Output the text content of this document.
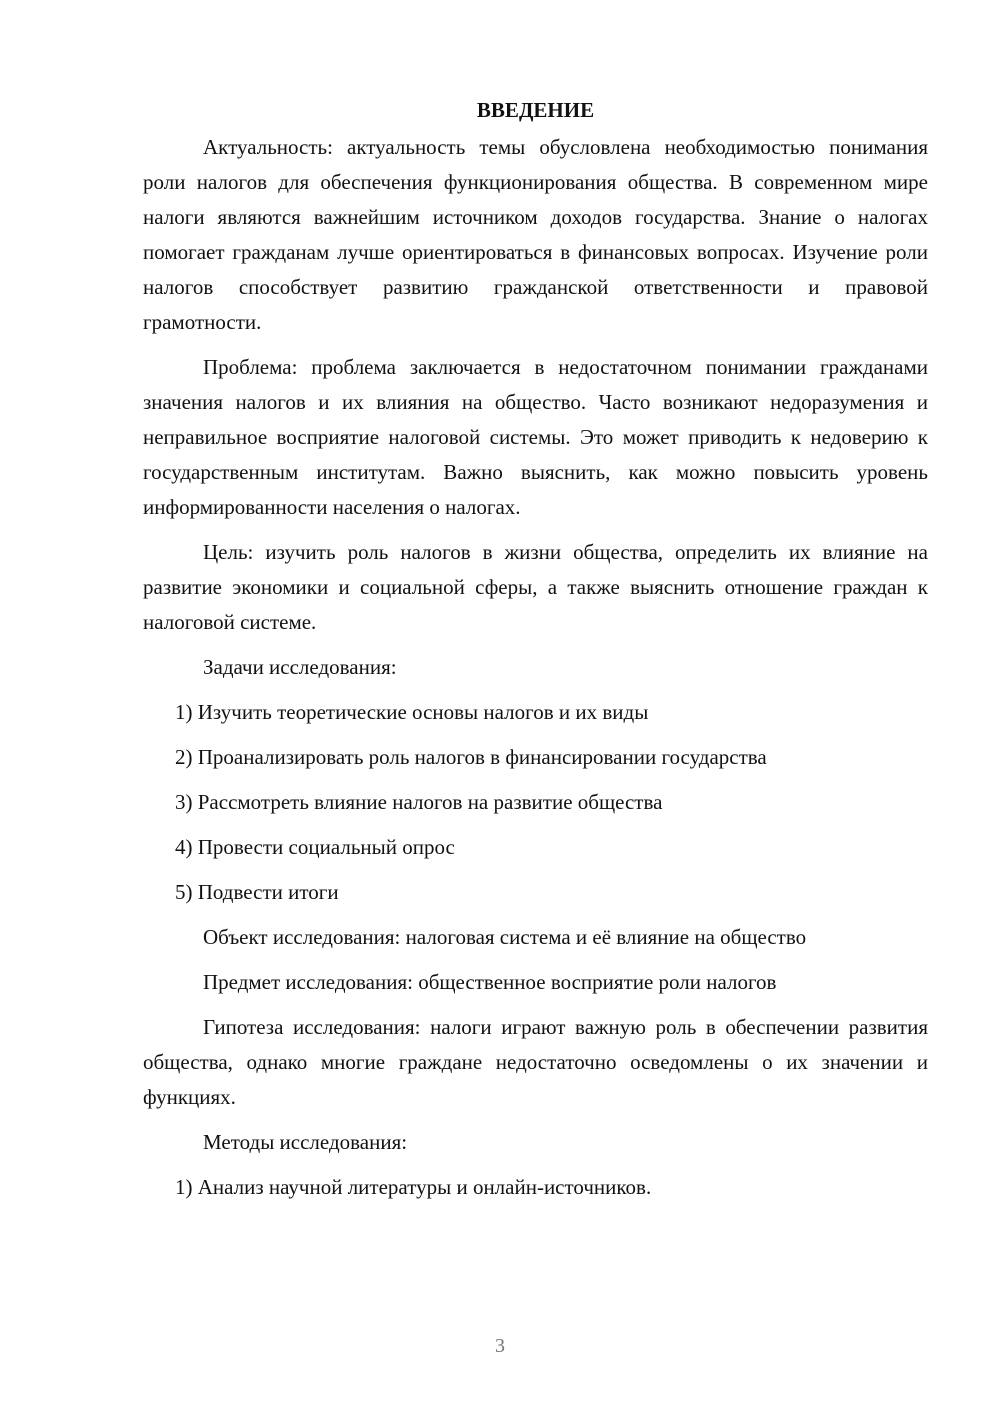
ВВЕДЕНИЕ

Актуальность: актуальность темы обусловлена необходимостью понимания роли налогов для обеспечения функционирования общества. В современном мире налоги являются важнейшим источником доходов государства. Знание о налогах помогает гражданам лучше ориентироваться в финансовых вопросах. Изучение роли налогов способствует развитию гражданской ответственности и правовой грамотности.

Проблема: проблема заключается в недостаточном понимании гражданами значения налогов и их влияния на общество. Часто возникают недоразумения и неправильное восприятие налоговой системы. Это может приводить к недоверию к государственным институтам. Важно выяснить, как можно повысить уровень информированности населения о налогах.

Цель: изучить роль налогов в жизни общества, определить их влияние на развитие экономики и социальной сферы, а также выяснить отношение граждан к налоговой системе.

Задачи исследования:
1) Изучить теоретические основы налогов и их виды
2) Проанализировать роль налогов в финансировании государства
3) Рассмотреть влияние налогов на развитие общества
4) Провести социальный опрос
5) Подвести итоги
Объект исследования: налоговая система и её влияние на общество
Предмет исследования: общественное восприятие роли налогов

Гипотеза исследования: налоги играют важную роль в обеспечении развития общества, однако многие граждане недостаточно осведомлены о их значении и функциях.

Методы исследования:
1) Анализ научной литературы и онлайн-источников.
3
